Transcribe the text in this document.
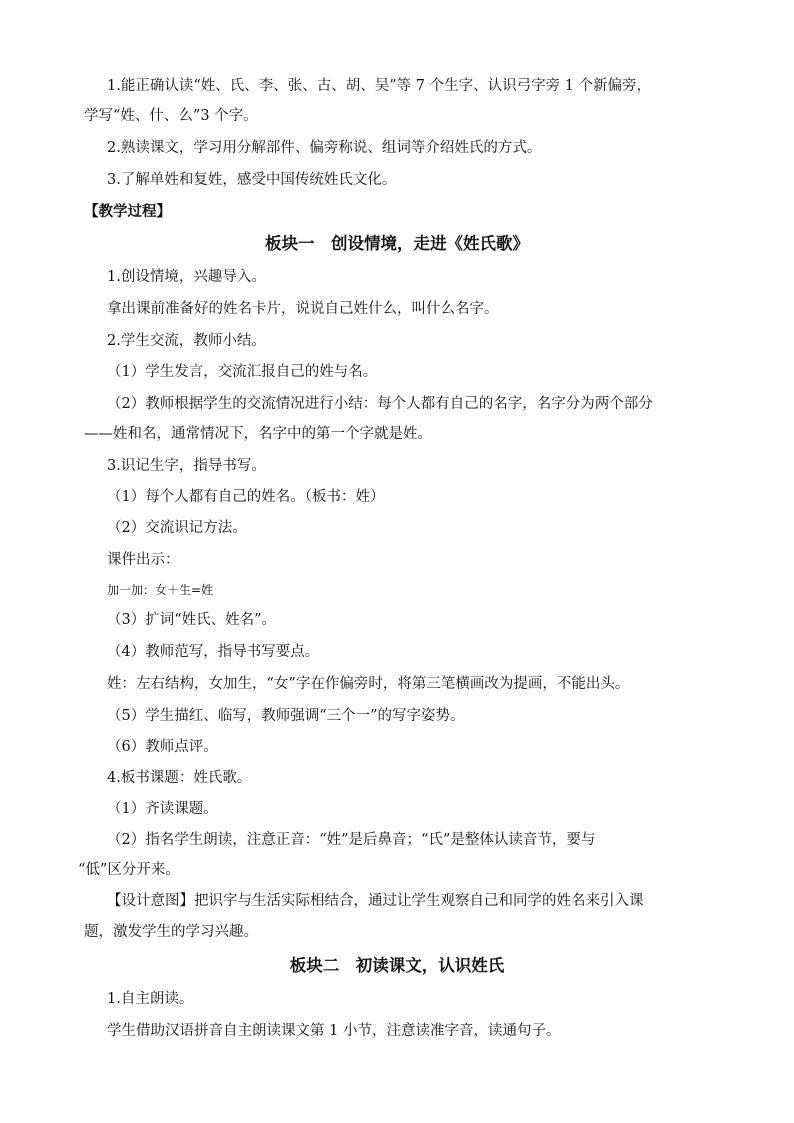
1.能正确认读“姓、氏、李、张、古、胡、吴”等 7 个生字、认识弓字旁 1 个新偏旁，
学写“姓、什、么”3 个字。
2.熟读课文，学习用分解部件、偏旁称说、组词等介绍姓氏的方式。
3.了解单姓和复姓，感受中国传统姓氏文化。
【教学过程】
板块一　创设情境，走进《姓氏歌》
1.创设情境，兴趣导入。
拿出课前准备好的姓名卡片，说说自己姓什么，叫什么名字。
2.学生交流，教师小结。
（1）学生发言，交流汇报自己的姓与名。
（2）教师根据学生的交流情况进行小结：每个人都有自己的名字，名字分为两个部分
——姓和名，通常情况下，名字中的第一个字就是姓。
3.识记生字，指导书写。
（1）每个人都有自己的姓名。（板书：姓）
（2）交流识记方法。
课件出示：
加一加：女＋生=姓
（3）扩词“姓氏、姓名”。
（4）教师范写，指导书写要点。
姓：左右结构，女加生，“女”字在作偏旁时，将第三笔横画改为提画，不能出头。
（5）学生描红、临写，教师强调“三个一”的写字姿势。
（6）教师点评。
4.板书课题：姓氏歌。
（1）齐读课题。
（2）指名学生朗读，注意正音：“姓”是后鼻音；“氏”是整体认读音节，要与
“低”区分开来。
【设计意图】把识字与生活实际相结合，通过让学生观察自己和同学的姓名来引入课
题，激发学生的学习兴趣。
板块二　初读课文，认识姓氏
1.自主朗读。
学生借助汉语拼音自主朗读课文第 1 小节，注意读准字音，读通句子。
